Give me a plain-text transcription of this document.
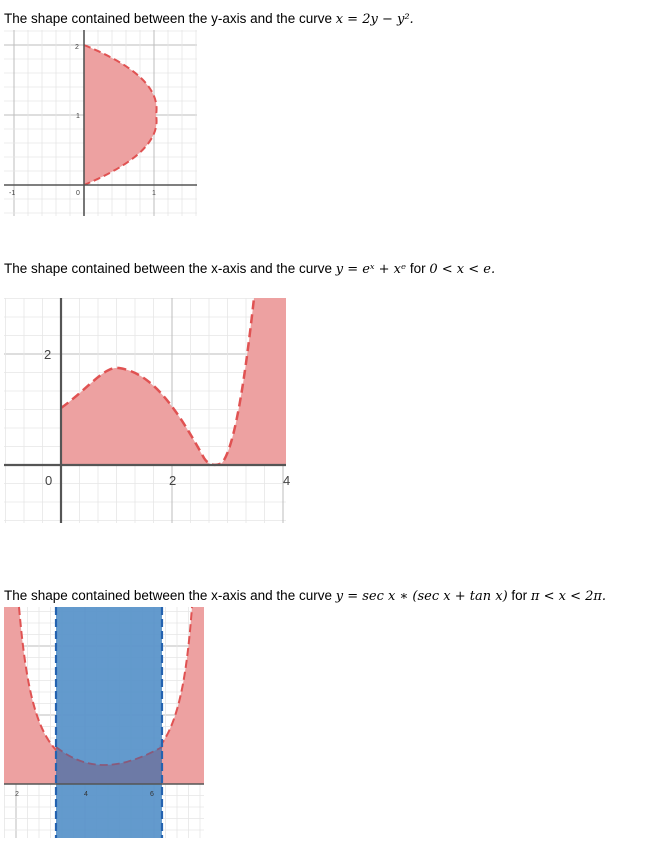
The shape contained between the y-axis and the curve x = 2y − y².
2
1
-1	0	1
The shape contained between the x-axis and the curve y = eˣ + xᵉ for 0 < x < e.
2
0	2	4
The shape contained between the x-axis and the curve y = sec x ∗ (sec x + tan x) for π < x < 2π.
2	4	6
